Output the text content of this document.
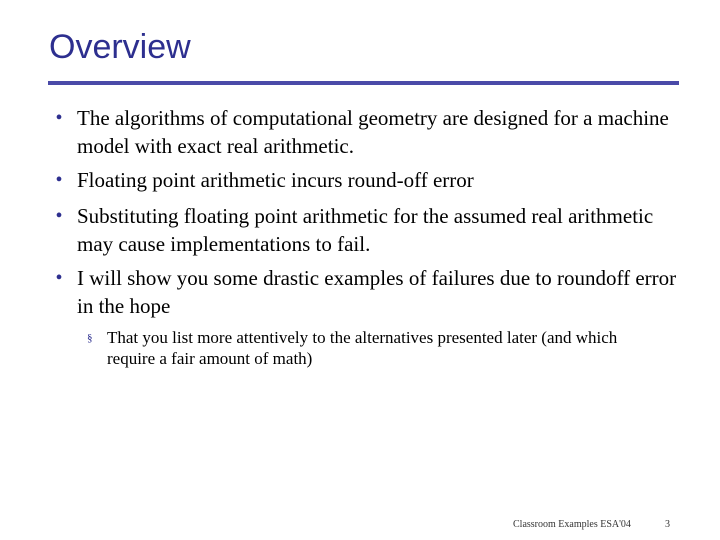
Overview
• The algorithms of computational geometry are designed for a machine model with exact real arithmetic.
• Floating point arithmetic incurs round-off error
• Substituting floating point arithmetic for the assumed real arithmetic may cause implementations to fail.
• I will show you some drastic examples of failures due to roundoff error in the hope
§ That you list more attentively to the alternatives presented later (and which require a fair amount of math)
Classroom Examples ESA'04	3
